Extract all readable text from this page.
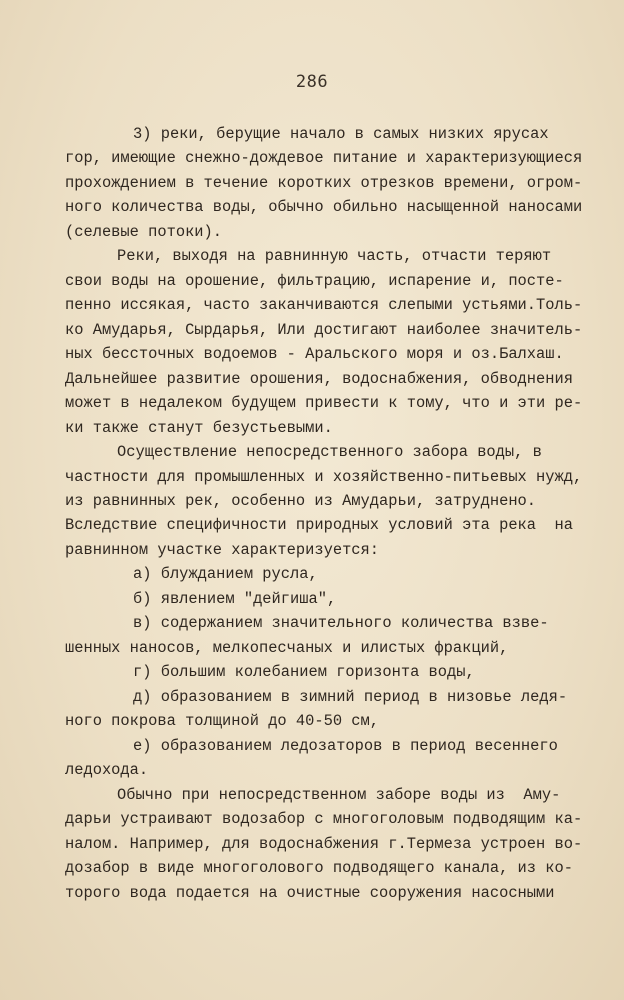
286
3) реки, берущие начало в самых низких ярусах
гор, имеющие снежно-дождевое питание и характеризующиеся
прохождением в течение коротких отрезков времени, огром-
ного количества воды, обычно обильно насыщенной наносами
(селевые потоки).
Реки, выходя на равнинную часть, отчасти теряют
свои воды на орошение, фильтрацию, испарение и, посте-
пенно иссякая, часто заканчиваются слепыми устьями.Толь-
ко Амударья, Сырдарья, Или достигают наиболее значитель-
ных бессточных водоемов - Аральского моря и оз.Балхаш.
Дальнейшее развитие орошения, водоснабжения, обводнения
может в недалеком будущем привести к тому, что и эти ре-
ки также станут безустьевыми.
Осуществление непосредственного забора воды, в
частности для промышленных и хозяйственно-питьевых нужд,
из равнинных рек, особенно из Амударьи, затруднено.
Вследствие специфичности природных условий эта река  на
равнинном участке характеризуется:
а) блужданием русла,
б) явлением "дейгиша",
в) содержанием значительного количества взве-
шенных наносов, мелкопесчаных и илистых фракций,
г) большим колебанием горизонта воды,
д) образованием в зимний период в низовье ледя-
ного покрова толщиной до 40-50 см,
е) образованием ледозаторов в период весеннего
ледохода.
Обычно при непосредственном заборе воды из  Аму-
дарьи устраивают водозабор с многоголовым подводящим ка-
налом. Например, для водоснабжения г.Термеза устроен во-
дозабор в виде многоголового подводящего канала, из ко-
торого вода подается на очистные сооружения насосными
